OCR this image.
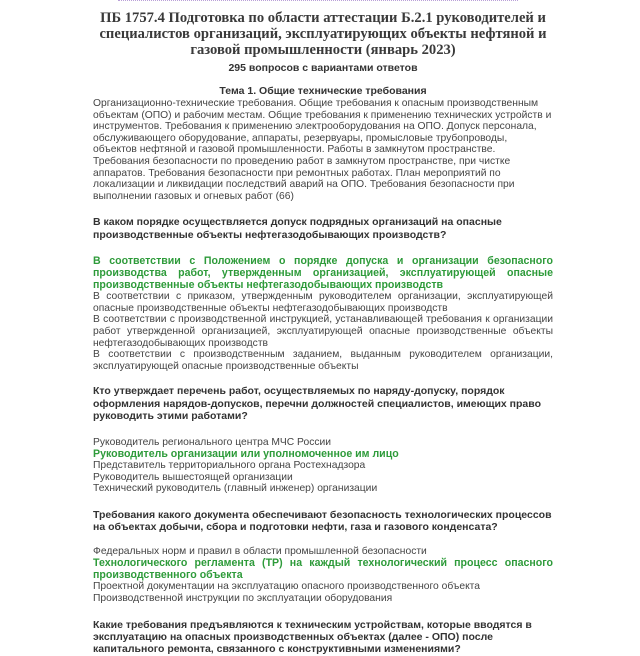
ПБ 1757.4 Подготовка по области аттестации Б.2.1 руководителей и специалистов организаций, эксплуатирующих объекты нефтяной и газовой промышленности (январь 2023)
295 вопросов с вариантами ответов
Тема 1. Общие технические требования
Организационно-технические требования. Общие требования к опасным производственным объектам (ОПО) и рабочим местам. Общие требования к применению технических устройств и инструментов. Требования к применению электрооборудования на ОПО. Допуск персонала, обслуживающего оборудование, аппараты, резервуары, промысловые трубопроводы, объектов нефтяной и газовой промышленности. Работы в замкнутом пространстве. Требования безопасности по проведению работ в замкнутом пространстве, при чистке аппаратов. Требования безопасности при ремонтных работах. План мероприятий по локализации и ликвидации последствий аварий на ОПО. Требования безопасности при выполнении газовых и огневых работ (66)
В каком порядке осуществляется допуск подрядных организаций на опасные производственные объекты нефтегазодобывающих производств?
В соответствии с Положением о порядке допуска и организации безопасного производства работ, утвержденным организацией, эксплуатирующей опасные производственные объекты нефтегазодобывающих производств
В соответствии с приказом, утвержденным руководителем организации, эксплуатирующей опасные производственные объекты нефтегазодобывающих производств
В соответствии с производственной инструкцией, устанавливающей требования к организации работ утвержденной организацией, эксплуатирующей опасные производственные объекты нефтегазодобывающих производств
В соответствии с производственным заданием, выданным руководителем организации, эксплуатирующей опасные производственные объекты
Кто утверждает перечень работ, осуществляемых по наряду-допуску, порядок оформления нарядов-допусков, перечни должностей специалистов, имеющих право руководить этими работами?
Руководитель регионального центра МЧС России
Руководитель организации или уполномоченное им лицо
Представитель территориального органа Ростехнадзора
Руководитель вышестоящей организации
Технический руководитель (главный инженер) организации
Требования какого документа обеспечивают безопасность технологических процессов на объектах добычи, сбора и подготовки нефти, газа и газового конденсата?
Федеральных норм и правил в области промышленной безопасности
Технологического регламента (ТР) на каждый технологический процесс опасного производственного объекта
Проектной документации на эксплуатацию опасного производственного объекта
Производственной инструкции по эксплуатации оборудования
Какие требования предъявляются к техническим устройствам, которые вводятся в эксплуатацию на опасных производственных объектах (далее - ОПО) после капитального ремонта, связанного с конструктивными изменениями?
